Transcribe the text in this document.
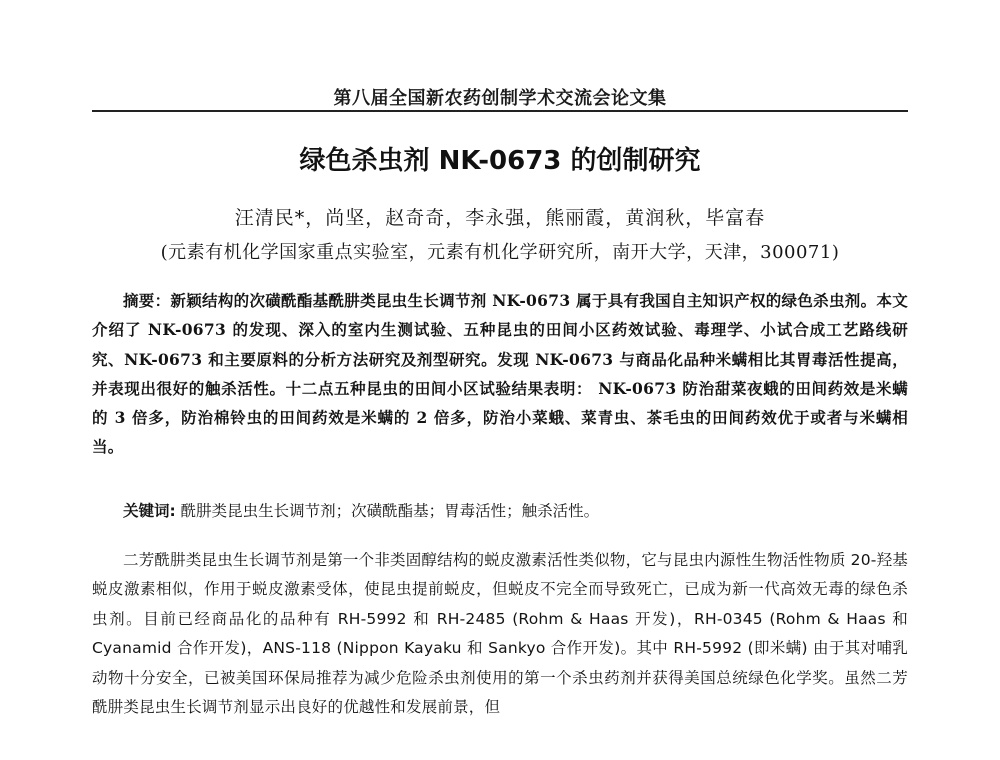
第八届全国新农药创制学术交流会论文集
绿色杀虫剂 NK-0673 的创制研究
汪清民*，尚坚，赵奇奇，李永强，熊丽霞，黄润秋，毕富春
(元素有机化学国家重点实验室，元素有机化学研究所，南开大学，天津，300071)
摘要：新颖结构的次磺酰酯基酰肼类昆虫生长调节剂 NK-0673 属于具有我国自主知识产权的绿色杀虫剂。本文介绍了 NK-0673 的发现、深入的室内生测试验、五种昆虫的田间小区药效试验、毒理学、小试合成工艺路线研究、NK-0673 和主要原料的分析方法研究及剂型研究。发现 NK-0673 与商品化品种米螨相比其胃毒活性提高，并表现出很好的触杀活性。十二点五种昆虫的田间小区试验结果表明： NK-0673 防治甜菜夜蛾的田间药效是米螨的 3 倍多，防治棉铃虫的田间药效是米螨的 2 倍多，防治小菜蛾、菜青虫、茶毛虫的田间药效优于或者与米螨相当。
关键词: 酰肼类昆虫生长调节剂；次磺酰酯基；胃毒活性；触杀活性。
二芳酰肼类昆虫生长调节剂是第一个非类固醇结构的蜕皮激素活性类似物，它与昆虫内源性生物活性物质 20-羟基蜕皮激素相似，作用于蜕皮激素受体，使昆虫提前蜕皮，但蜕皮不完全而导致死亡，已成为新一代高效无毒的绿色杀虫剂。目前已经商品化的品种有 RH-5992 和 RH-2485 (Rohm & Haas 开发)，RH-0345 (Rohm & Haas 和 Cyanamid 合作开发)，ANS-118 (Nippon Kayaku 和 Sankyo 合作开发)。其中 RH-5992 (即米螨) 由于其对哺乳动物十分安全，已被美国环保局推荐为减少危险杀虫剂使用的第一个杀虫药剂并获得美国总统绿色化学奖。虽然二芳酰肼类昆虫生长调节剂显示出良好的优越性和发展前景，但
